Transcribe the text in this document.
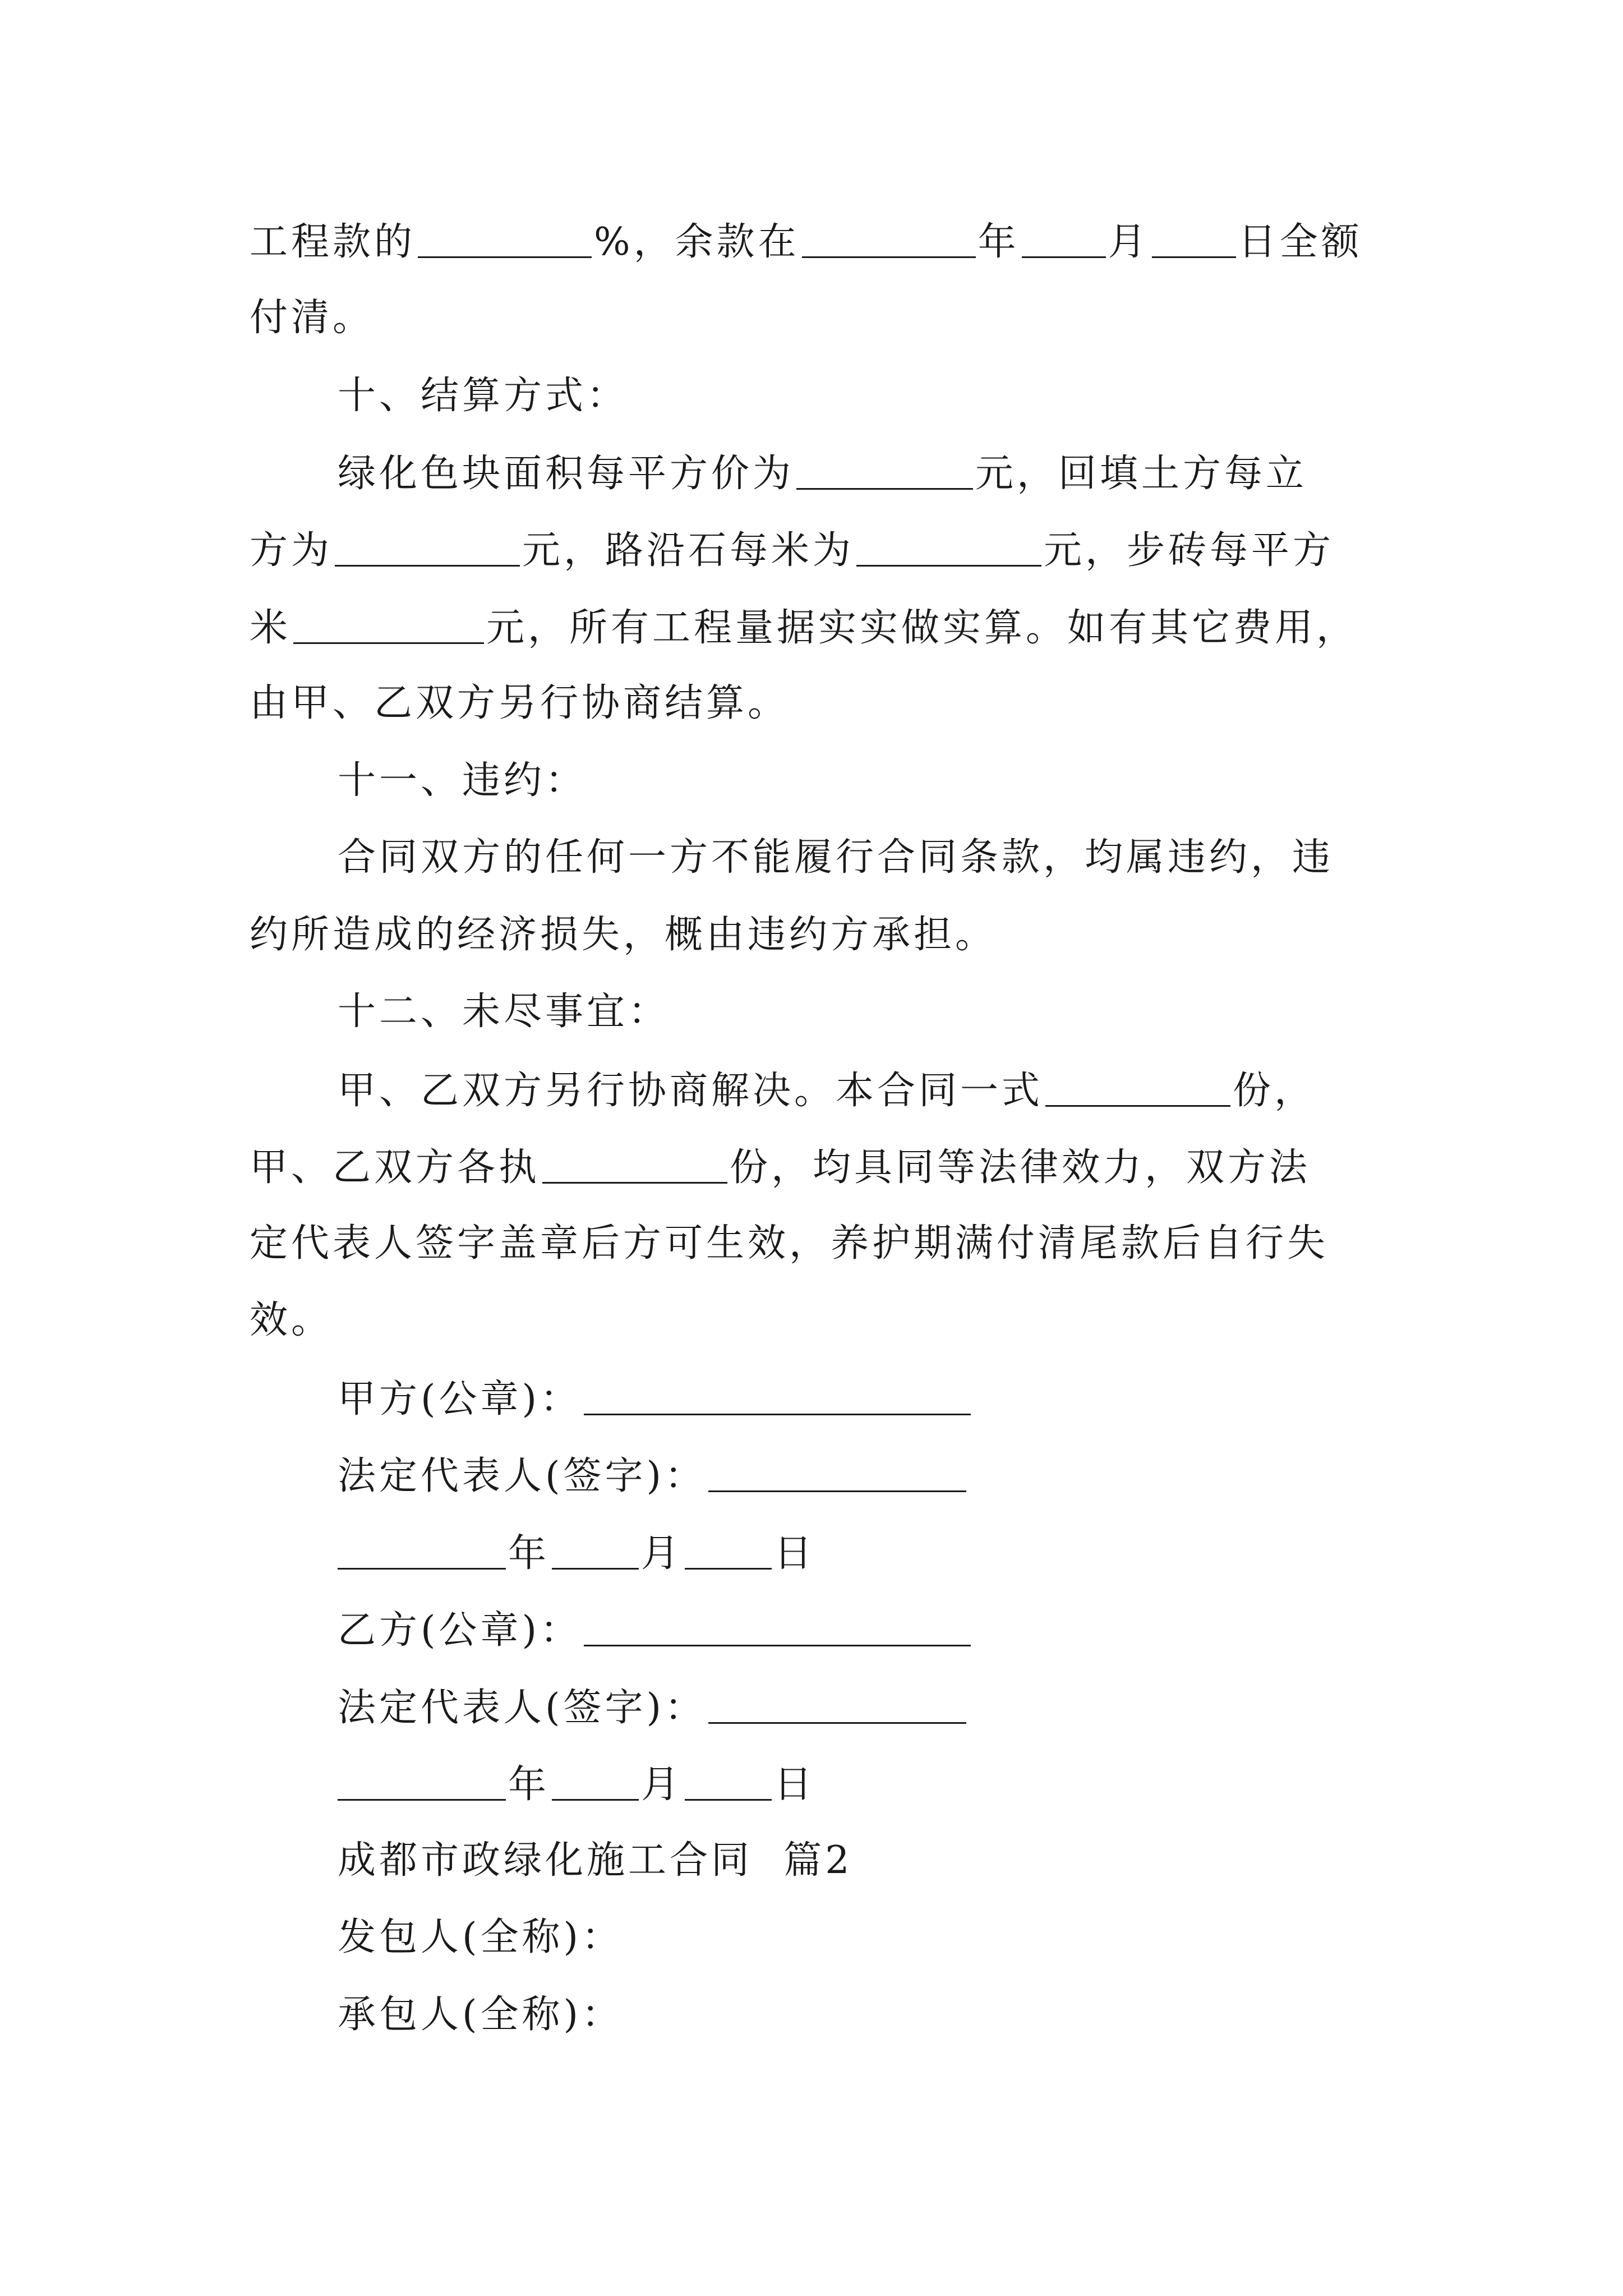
工程款的	%，余款在	年 月 日全额
付清。
十、结算方式：
绿化色块面积每平方价为	元，回填土方每立
方为	元，路沿石每米为	元，步砖每平方
米	元，所有工程量据实实做实算。如有其它费用，
由甲、乙双方另行协商结算。
十一、违约：
合同双方的任何一方不能履行合同条款，均属违约，违
约所造成的经济损失，概由违约方承担。
十二、未尽事宜：
甲、乙双方另行协商解决。本合同一式	份，
甲、乙双方各执	份，均具同等法律效力，双方法
定代表人签字盖章后方可生效，养护期满付清尾款后自行失
效。
甲方(公章)：
法定代表人(签字)：
年 月 日
乙方(公章)：
法定代表人(签字)：
年 月 日
成都市政绿化施工合同  篇2
发包人(全称)：
承包人(全称)：
